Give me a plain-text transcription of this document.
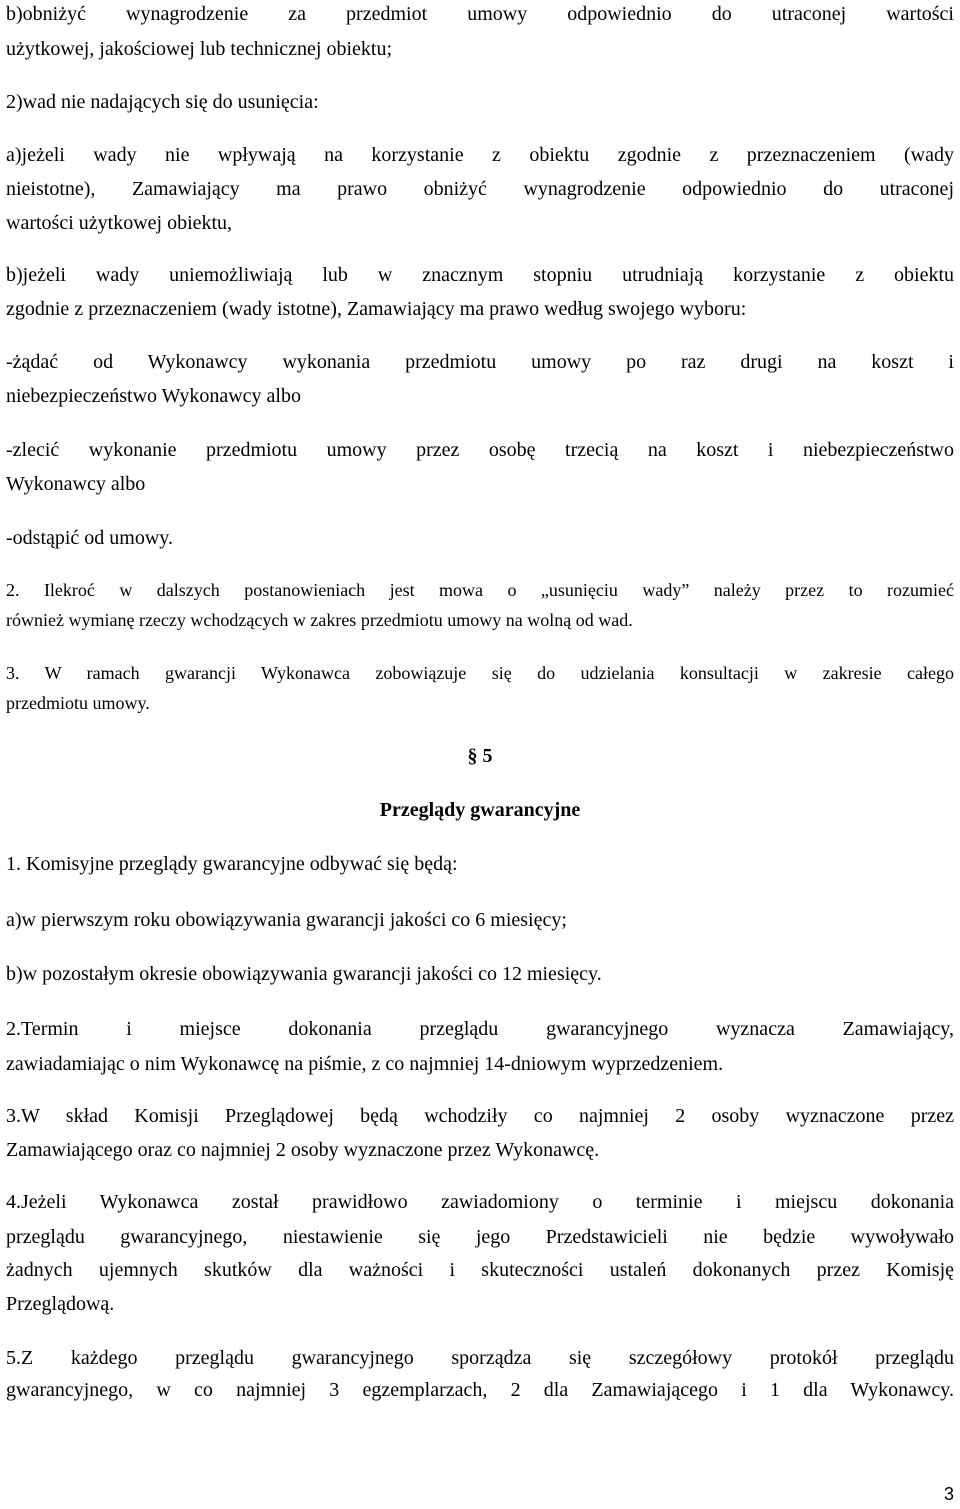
b)obniżyć wynagrodzenie za przedmiot umowy odpowiednio do utraconej wartości
użytkowej, jakościowej lub technicznej obiektu;
2)wad nie nadających się do usunięcia:
a)jeżeli wady nie wpływają na korzystanie z obiektu zgodnie z przeznaczeniem (wady
nieistotne), Zamawiający ma prawo obniżyć wynagrodzenie odpowiednio do utraconej
wartości użytkowej obiektu,
b)jeżeli wady uniemożliwiają lub w znacznym stopniu utrudniają korzystanie z obiektu
zgodnie z przeznaczeniem (wady istotne), Zamawiający ma prawo według swojego wyboru:
-żądać od Wykonawcy wykonania przedmiotu umowy po raz drugi na koszt i
niebezpieczeństwo Wykonawcy albo
-zlecić wykonanie przedmiotu umowy przez osobę trzecią na koszt i niebezpieczeństwo
Wykonawcy albo
-odstąpić od umowy.
2. Ilekroć w dalszych postanowieniach jest mowa o „usunięciu wady” należy przez to rozumieć
również wymianę rzeczy wchodzących w zakres przedmiotu umowy na wolną od wad.
3. W ramach gwarancji Wykonawca zobowiązuje się do udzielania konsultacji w zakresie całego
przedmiotu umowy.
§ 5
Przeglądy gwarancyjne
1. Komisyjne przeglądy gwarancyjne odbywać się będą:
a)w pierwszym roku obowiązywania gwarancji jakości co 6 miesięcy;
b)w pozostałym okresie obowiązywania gwarancji jakości co 12 miesięcy.
2.Termin i miejsce dokonania przeglądu gwarancyjnego wyznacza Zamawiający,
zawiadamiając o nim Wykonawcę na piśmie, z co najmniej 14-dniowym wyprzedzeniem.
3.W skład Komisji Przeglądowej będą wchodziły co najmniej 2 osoby wyznaczone przez
Zamawiającego oraz co najmniej 2 osoby wyznaczone przez Wykonawcę.
4.Jeżeli Wykonawca został prawidłowo zawiadomiony o terminie i miejscu dokonania
przeglądu gwarancyjnego, niestawienie się jego Przedstawicieli nie będzie wywoływało
żadnych ujemnych skutków dla ważności i skuteczności ustaleń dokonanych przez Komisję
Przeglądową.
5.Z każdego przeglądu gwarancyjnego sporządza się szczegółowy protokół przeglądu
gwarancyjnego, w co najmniej 3 egzemplarzach, 2 dla Zamawiającego i 1 dla Wykonawcy.
3
